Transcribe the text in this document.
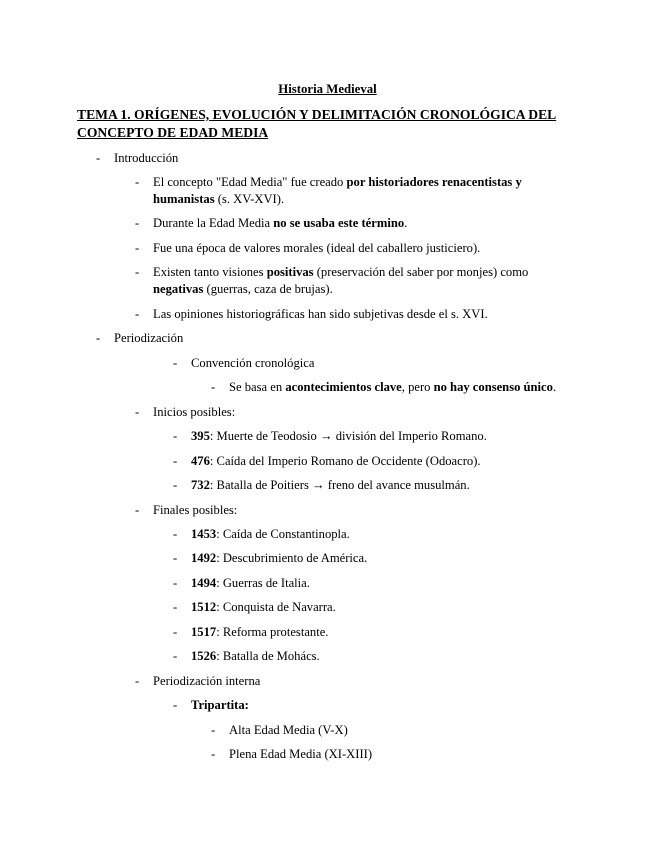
Historia Medieval
TEMA 1. ORÍGENES, EVOLUCIÓN Y DELIMITACIÓN CRONOLÓGICA DEL CONCEPTO DE EDAD MEDIA
- Introducción
- El concepto "Edad Media" fue creado por historiadores renacentistas y humanistas (s. XV-XVI).
- Durante la Edad Media no se usaba este término.
- Fue una época de valores morales (ideal del caballero justiciero).
- Existen tanto visiones positivas (preservación del saber por monjes) como negativas (guerras, caza de brujas).
- Las opiniones historiográficas han sido subjetivas desde el s. XVI.
- Periodización
- Convención cronológica
- Se basa en acontecimientos clave, pero no hay consenso único.
- Inicios posibles:
- 395: Muerte de Teodosio → división del Imperio Romano.
- 476: Caída del Imperio Romano de Occidente (Odoacro).
- 732: Batalla de Poitiers → freno del avance musulmán.
- Finales posibles:
- 1453: Caída de Constantinopla.
- 1492: Descubrimiento de América.
- 1494: Guerras de Italia.
- 1512: Conquista de Navarra.
- 1517: Reforma protestante.
- 1526: Batalla de Mohács.
- Periodización interna
- Tripartita:
- Alta Edad Media (V-X)
- Plena Edad Media (XI-XIII)
